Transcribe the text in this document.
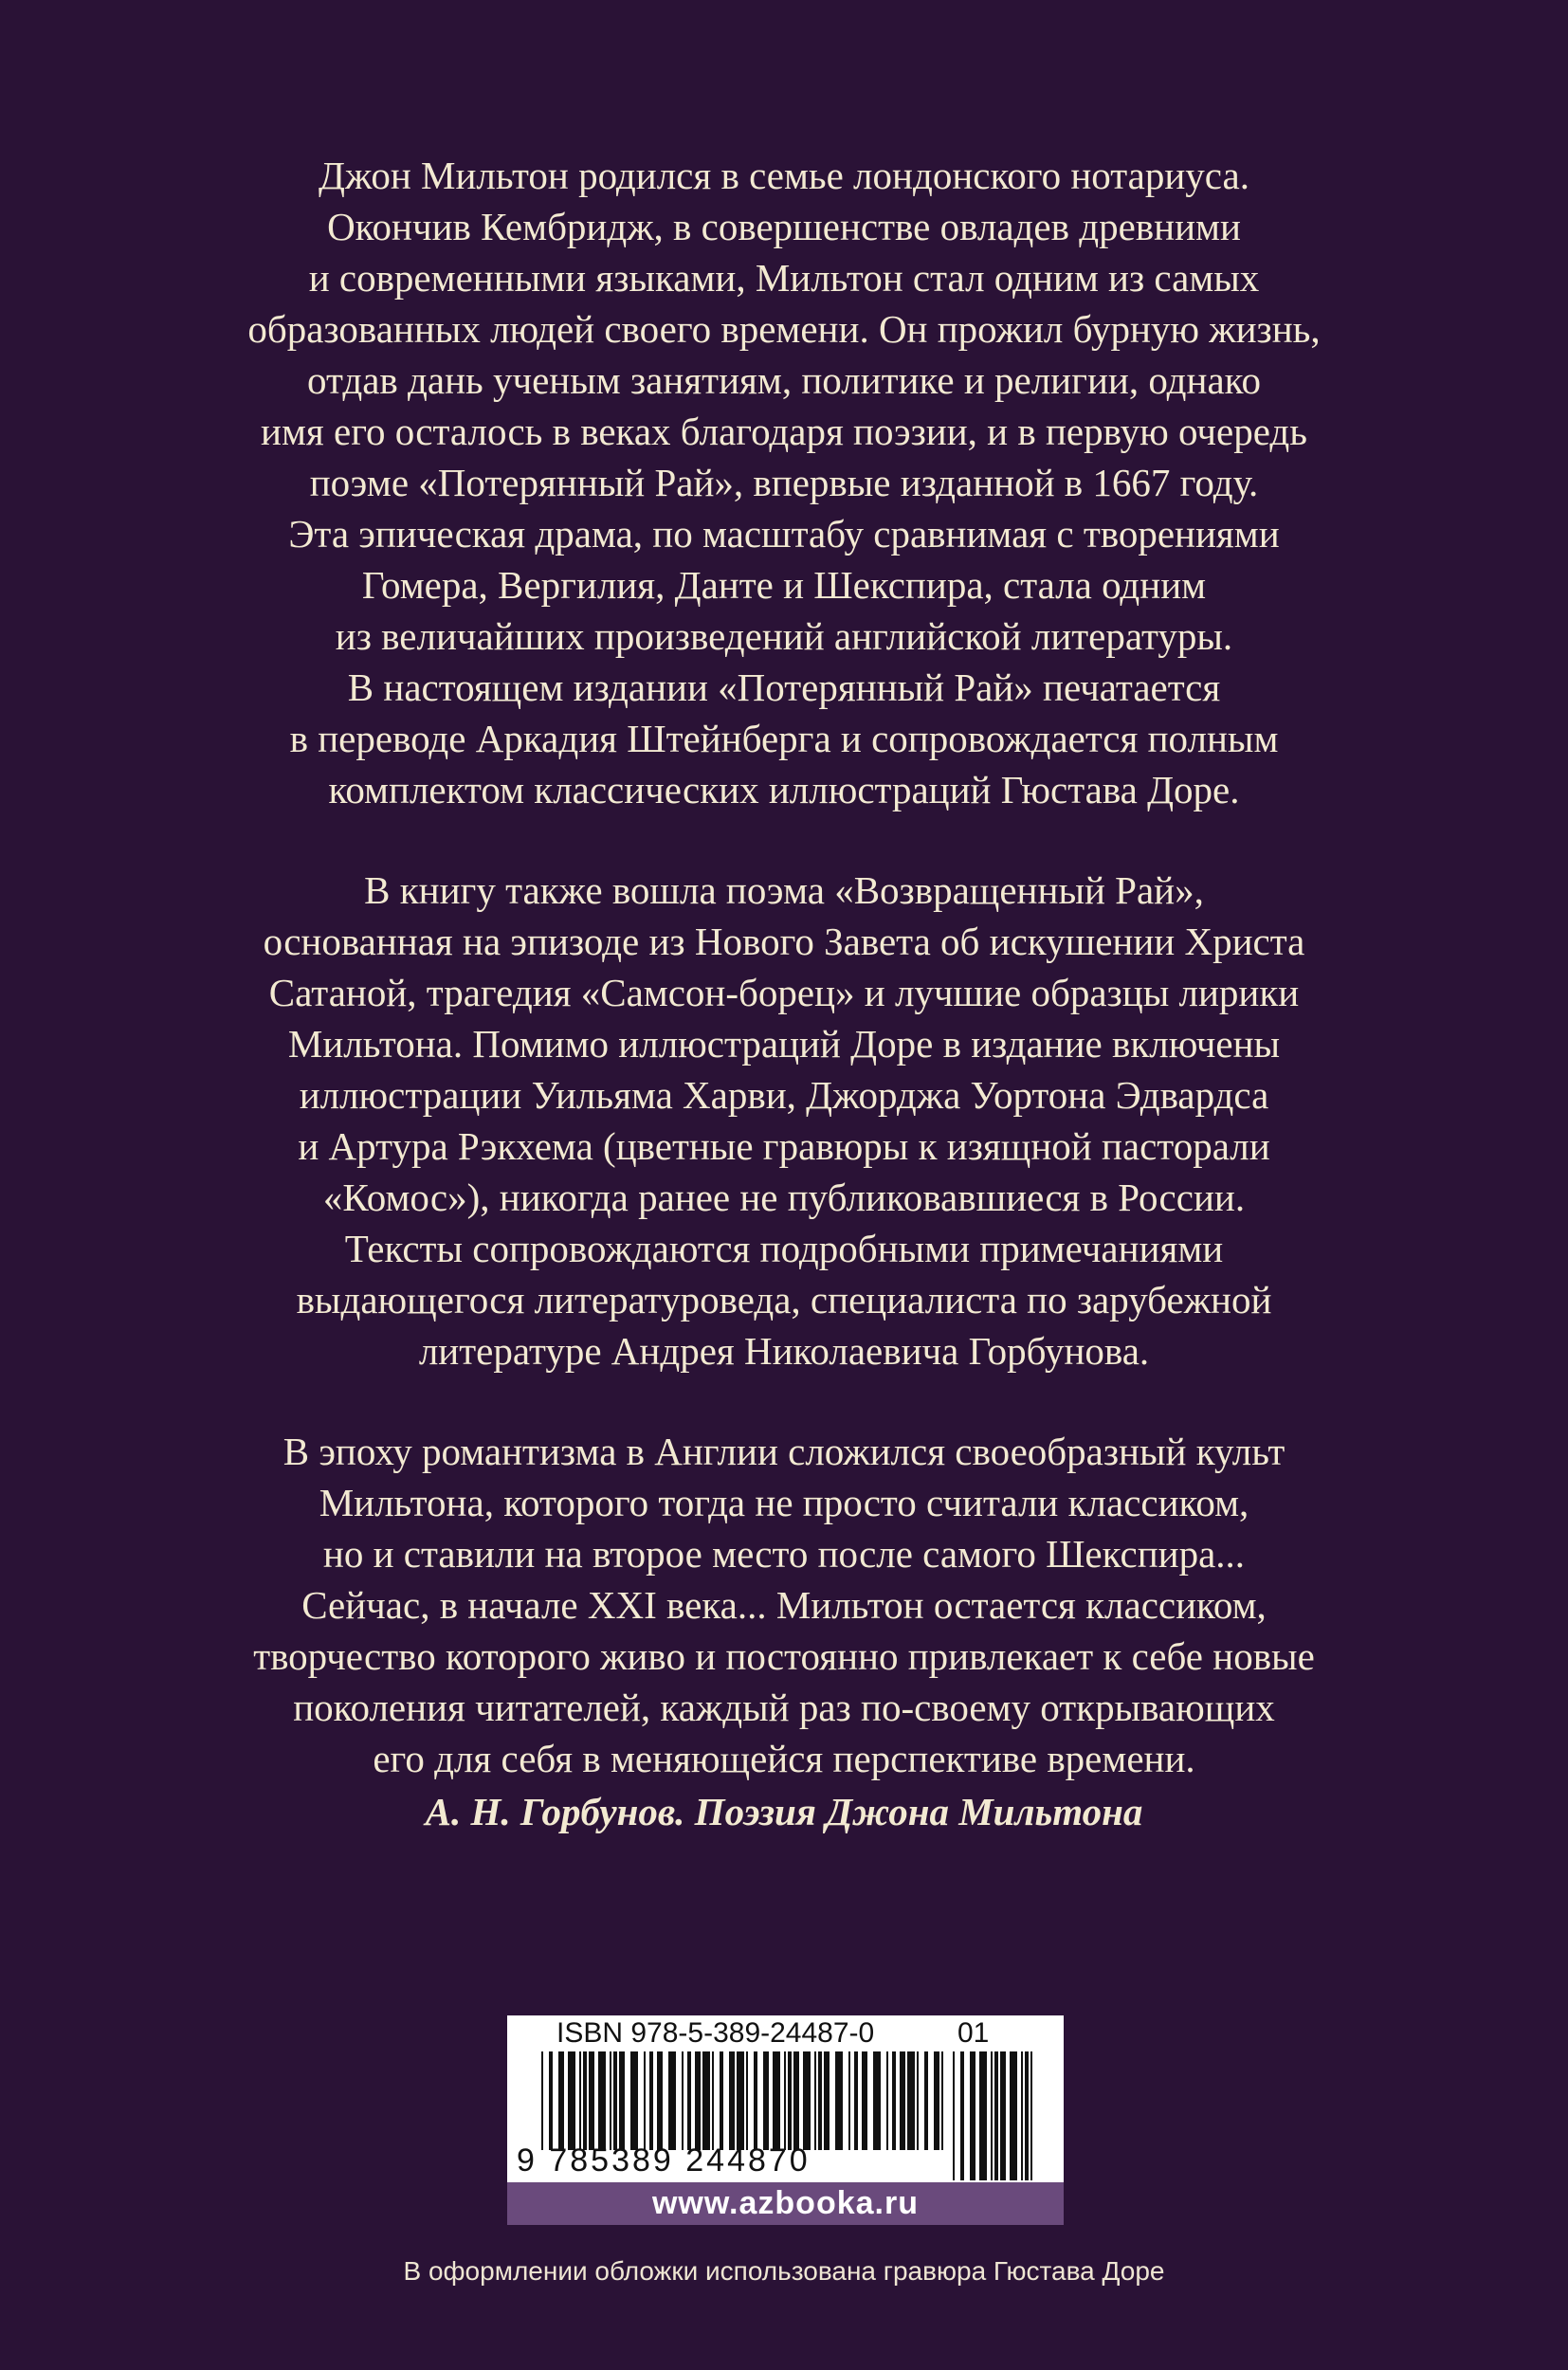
Джон Мильтон родился в семье лондонского нотариуса.
Окончив Кембридж, в совершенстве овладев древними
и современными языками, Мильтон стал одним из самых
образованных людей своего времени. Он прожил бурную жизнь,
отдав дань ученым занятиям, политике и религии, однако
имя его осталось в веках благодаря поэзии, и в первую очередь
поэме «Потерянный Рай», впервые изданной в 1667 году.
Эта эпическая драма, по масштабу сравнимая с творениями
Гомера, Вергилия, Данте и Шекспира, стала одним
из величайших произведений английской литературы.
В настоящем издании «Потерянный Рай» печатается
в переводе Аркадия Штейнберга и сопровождается полным
комплектом классических иллюстраций Гюстава Доре.

В книгу также вошла поэма «Возвращенный Рай»,
основанная на эпизоде из Нового Завета об искушении Христа
Сатаной, трагедия «Самсон-борец» и лучшие образцы лирики
Мильтона. Помимо иллюстраций Доре в издание включены
иллюстрации Уильяма Харви, Джорджа Уортона Эдвардса
и Артура Рэкхема (цветные гравюры к изящной пасторали
«Комос»), никогда ранее не публиковавшиеся в России.
Тексты сопровождаются подробными примечаниями
выдающегося литературоведа, специалиста по зарубежной
литературе Андрея Николаевича Горбунова.

В эпоху романтизма в Англии сложился своеобразный культ
Мильтона, которого тогда не просто считали классиком,
но и ставили на второе место после самого Шекспира...
Сейчас, в начале XXI века... Мильтон остается классиком,
творчество которого живо и постоянно привлекает к себе новые
поколения читателей, каждый раз по-своему открывающих
его для себя в меняющейся перспективе времени.

А. Н. Горбунов. Поэзия Джона Мильтона

ISBN 978-5-389-24487-0	01
9 785389 244870
www.azbooka.ru
В оформлении обложки использована гравюра Гюстава Доре
